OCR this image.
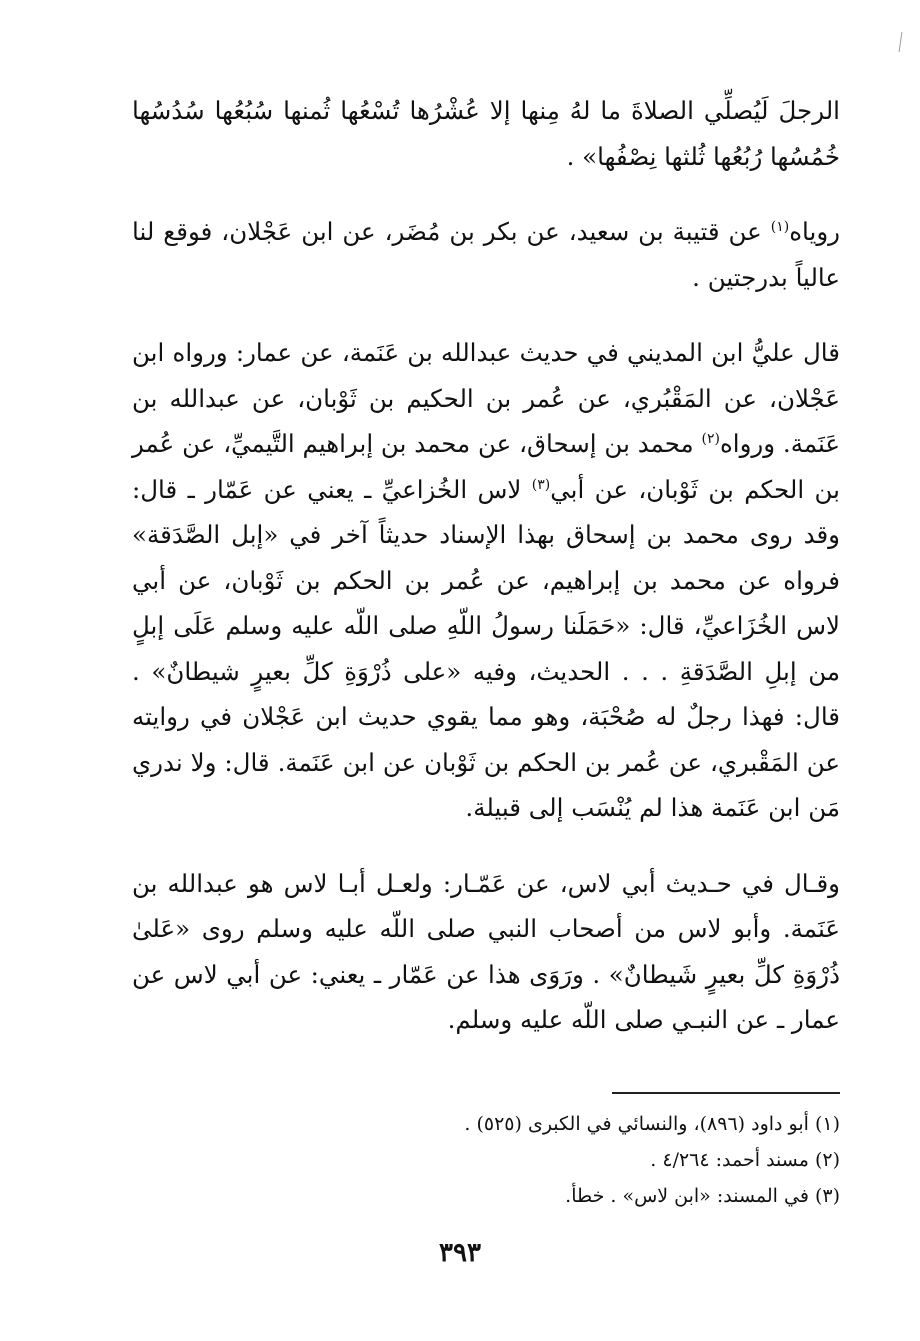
الرجلَ لَيُصلِّي الصلاةَ ما لهُ مِنها إلا عُشْرُها تُسْعُها ثُمنها سُبُعُها سُدُسُها خُمُسُها رُبُعُها ثُلثها نِصْفُها» .

روياه$^{(١)}$ عن قتيبة بن سعيد، عن بكر بن مُضَر، عن ابن عَجْلان، فوقع لنا عالياً بدرجتين .

قال عليُّ ابن المديني في حديث عبدالله بن عَنَمة، عن عمار: ورواه ابن عَجْلان، عن المَقْبُري، عن عُمر بن الحكيم بن ثَوْبان، عن عبدالله بن عَنَمة. ورواه$^{(٢)}$ محمد بن إسحاق، عن محمد بن إبراهيم التَّيميِّ، عن عُمر بن الحكم بن ثَوْبان، عن أبي$^{(٣)}$ لاس الخُزاعيِّ ـ يعني عن عَمّار ـ قال: وقد روى محمد بن إسحاق بهذا الإسناد حديثاً آخر في «إبل الصَّدَقة» فرواه عن محمد بن إبراهيم، عن عُمر بن الحكم بن ثَوْبان، عن أبي لاس الخُزَاعيِّ، قال: «حَمَلَنا رسولُ اللّهِ صلى اللّه عليه وسلم عَلَى إبلٍ من إبلِ الصَّدَقةِ . . . الحديث، وفيه «على ذُرْوَةِ كلِّ بعيرٍ شيطانٌ» . قال: فهذا رجلٌ له صُحْبَة، وهو مما يقوي حديث ابن عَجْلان في روايته عن المَقْبري، عن عُمر بن الحكم بن ثَوْبان عن ابن عَنَمة. قال: ولا ندري مَن ابن عَنَمة هذا لم يُنْسَب إلى قبيلة.

وقـال في حـديث أبي لاس، عن عَمّـار: ولعـل أبـا لاس هو عبدالله بن عَنَمة. وأبو لاس من أصحاب النبي صلى اللّه عليه وسلم روى «عَلىٰ ذُرْوَةِ كلِّ بعيرٍ شَيطانٌ» . ورَوَى هذا عن عَمّار ـ يعني: عن أبي لاس عن عمار ـ عن النبـي صلى اللّه عليه وسلم.

(١) أبو داود (٨٩٦)، والنسائي في الكبرى (٥٢٥) .

(٢) مسند أحمد: ٤/٢٦٤ .

(٣) في المسند: «ابن لاس» . خطأ.

٣٩٣
